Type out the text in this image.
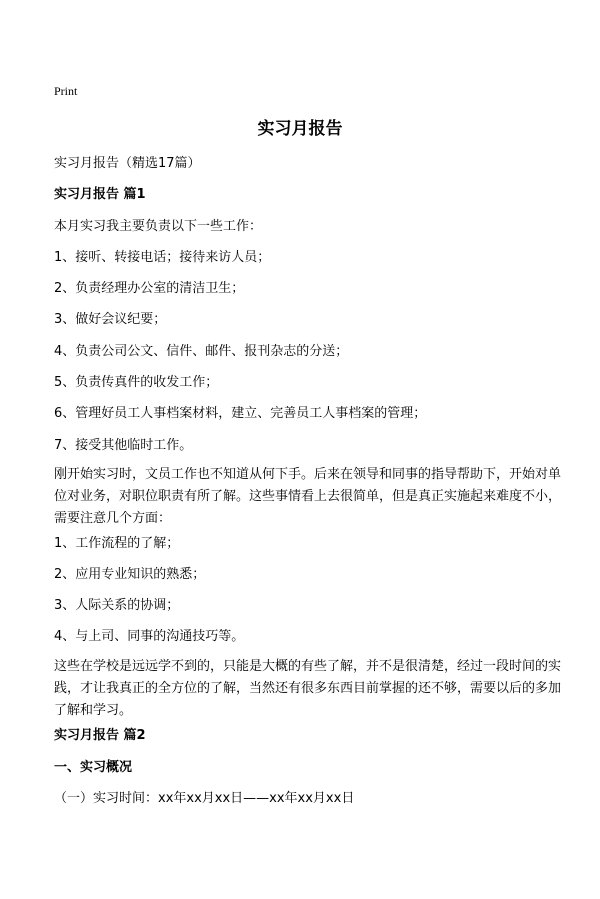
Print
实习月报告
实习月报告（精选17篇）
实习月报告 篇1
本月实习我主要负责以下一些工作：
1、接听、转接电话；接待来访人员；
2、负责经理办公室的清洁卫生；
3、做好会议纪要；
4、负责公司公文、信件、邮件、报刊杂志的分送；
5、负责传真件的收发工作；
6、管理好员工人事档案材料，建立、完善员工人事档案的管理；
7、接受其他临时工作。
刚开始实习时，文员工作也不知道从何下手。后来在领导和同事的指导帮助下，开始对单位对业务，对职位职责有所了解。这些事情看上去很简单，但是真正实施起来难度不小，需要注意几个方面：
1、工作流程的了解；
2、应用专业知识的熟悉；
3、人际关系的协调；
4、与上司、同事的沟通技巧等。
这些在学校是远远学不到的，只能是大概的有些了解，并不是很清楚，经过一段时间的实践，才让我真正的全方位的了解，当然还有很多东西目前掌握的还不够，需要以后的多加了解和学习。
实习月报告 篇2
一、实习概况
（一）实习时间：xx年xx月xx日——xx年xx月xx日
